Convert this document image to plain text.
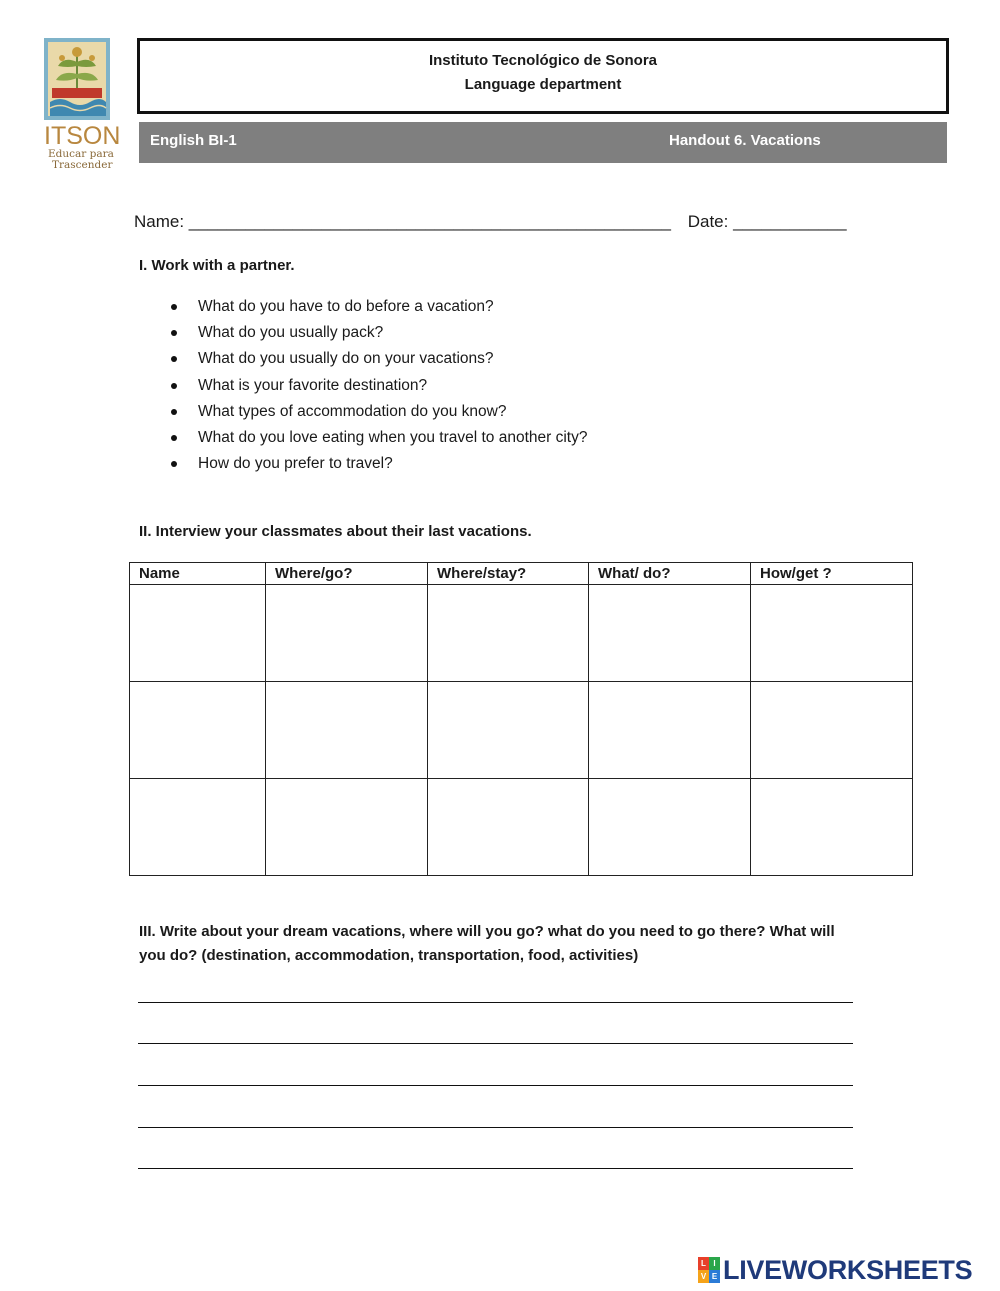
ITSON
Educar para
Trascender
Instituto Tecnológico de Sonora
Language department
English BI-1	Handout 6. Vacations
Name: ___________________________________________________ Date: ____________
I. Work with a partner.
What do you have to do before a vacation?
What do you usually pack?
What do you usually do on your vacations?
What is your favorite destination?
What types of accommodation do you know?
What do you love eating when you travel to another city?
How do you prefer to travel?
II. Interview your classmates about their last vacations.
Name	Where/go?	Where/stay?	What/ do?	How/get ?

III. Write about your dream vacations, where will you go? what do you need to go there? What will you do? (destination, accommodation, transportation, food, activities)
L I
V E LIVEWORKSHEETS
